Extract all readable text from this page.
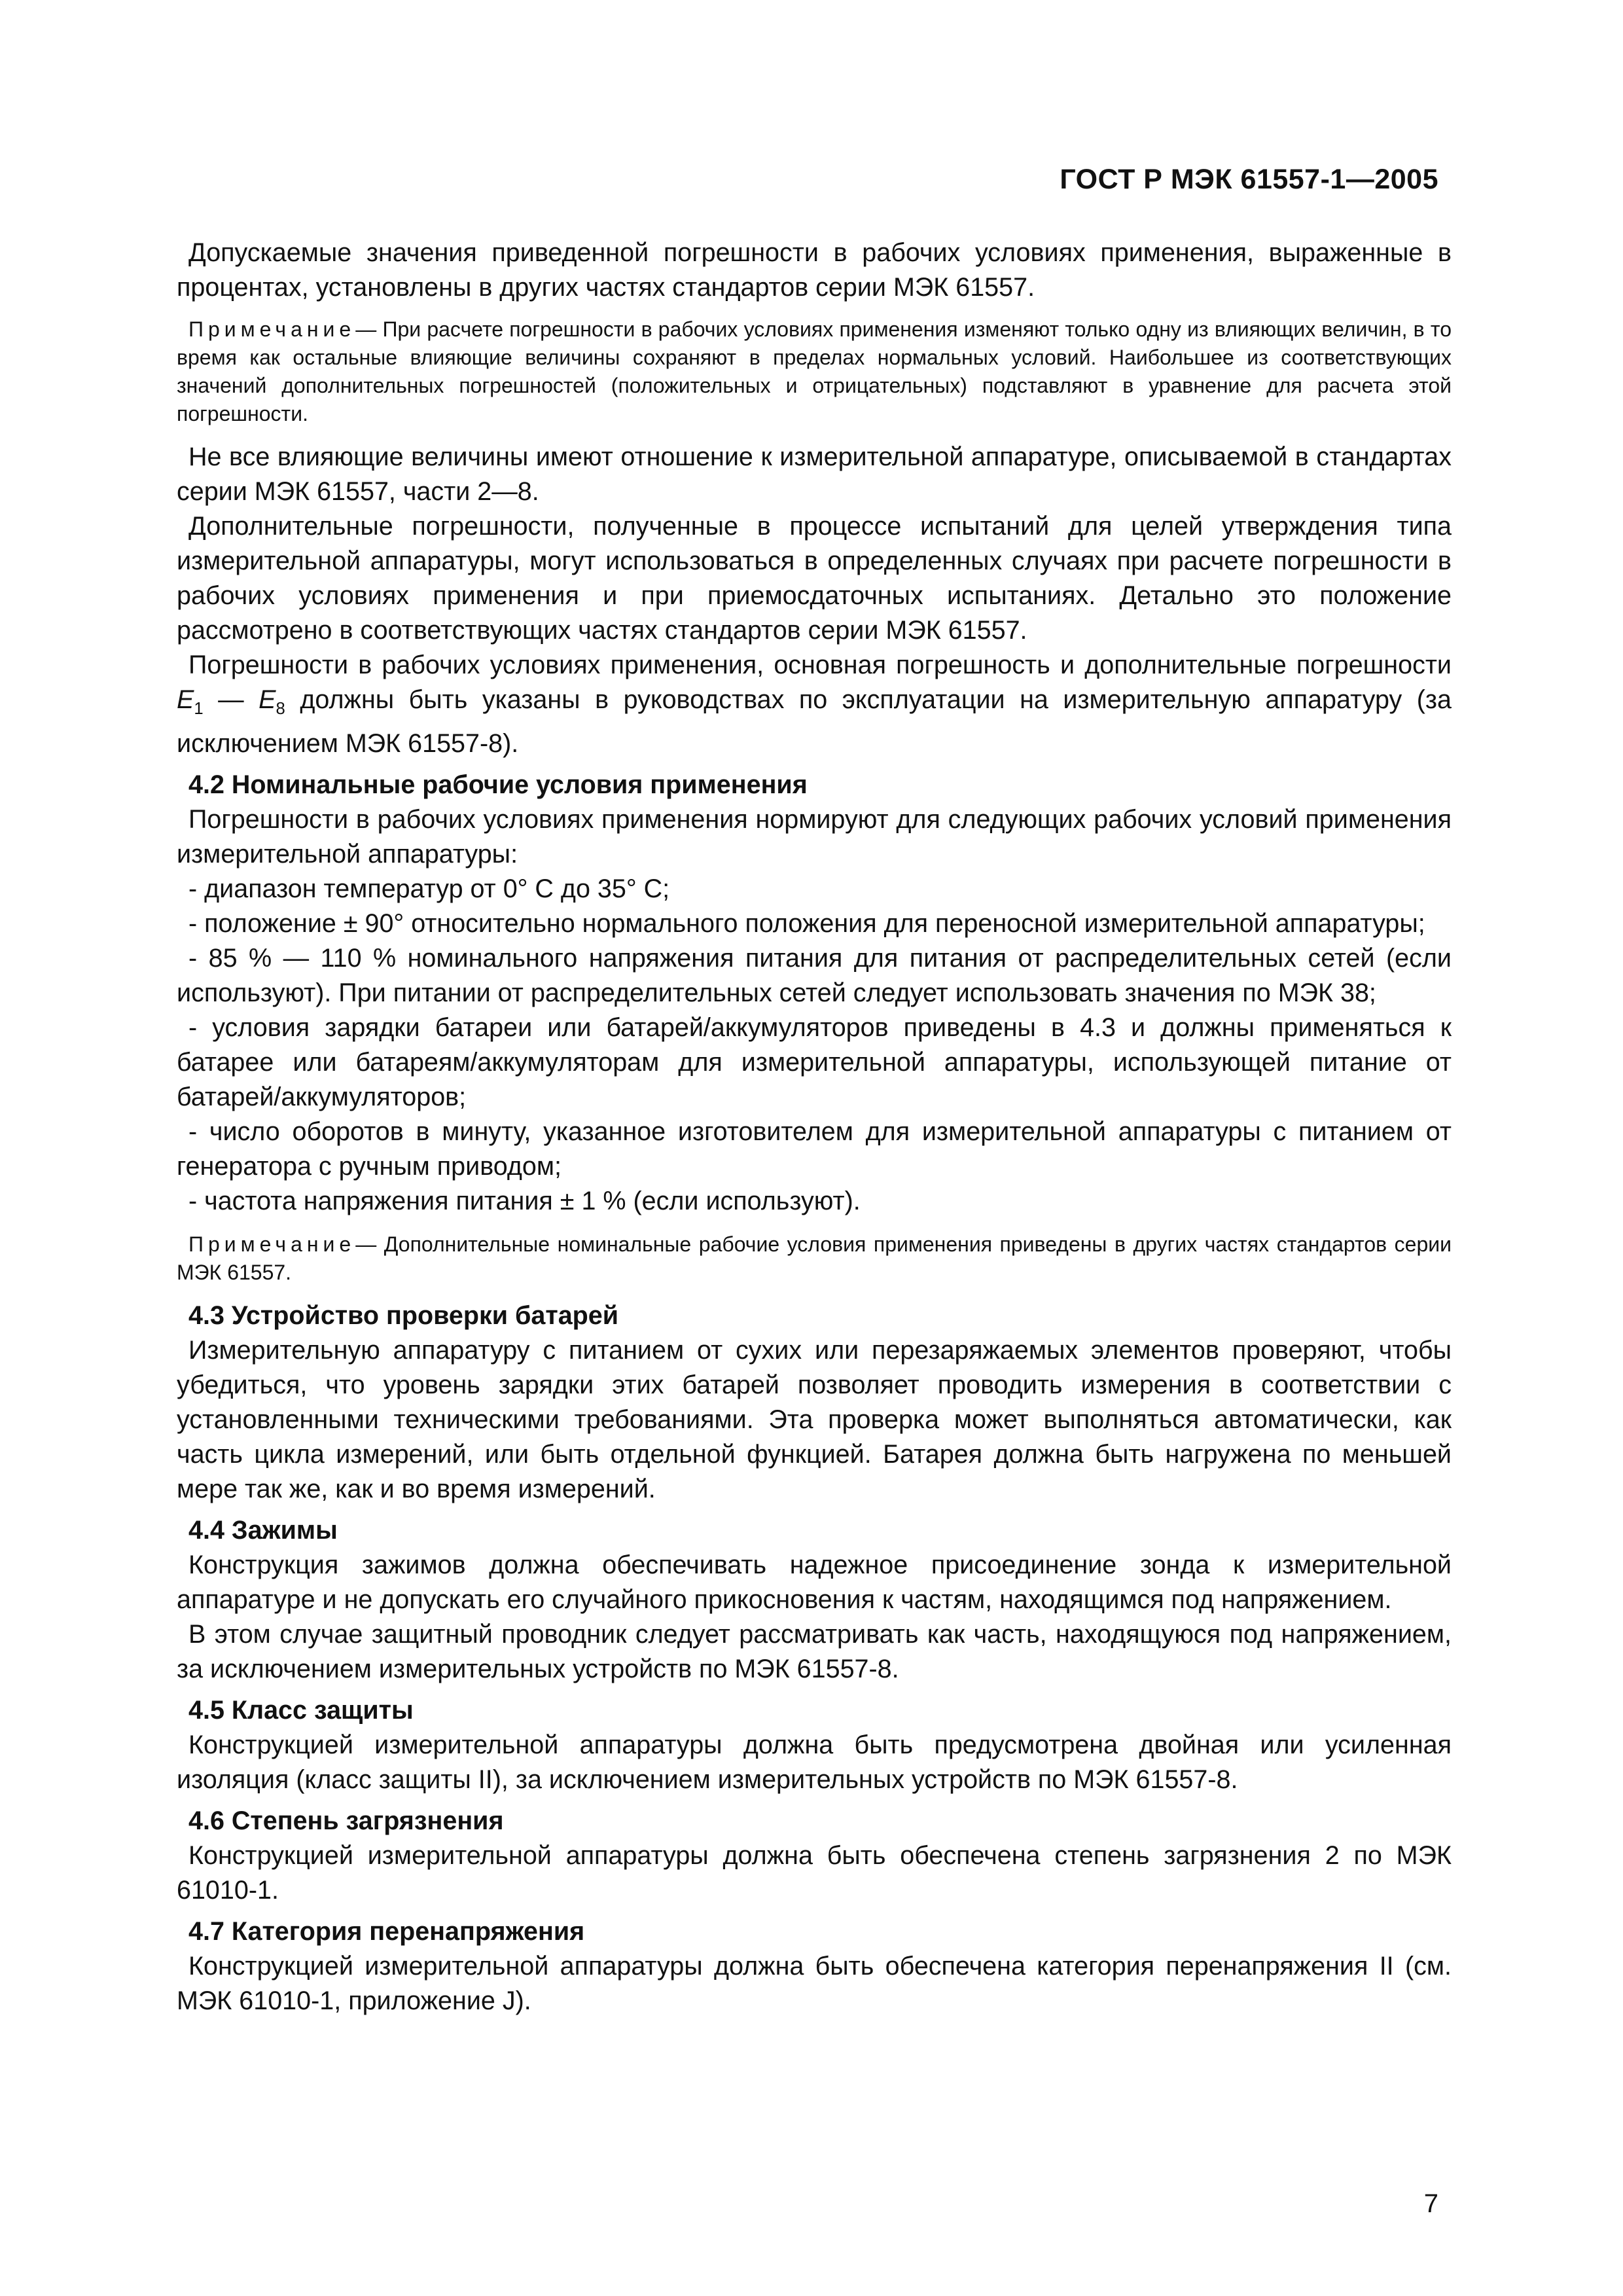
ГОСТ Р МЭК 61557-1—2005

Допускаемые значения приведенной погрешности в рабочих условиях применения, выраженные в процентах, установлены в других частях стандартов серии МЭК 61557.

Примечание— При расчете погрешности в рабочих условиях применения изменяют только одну из влияющих величин, в то время как остальные влияющие величины сохраняют в пределах нормальных условий. Наибольшее из соответствующих значений дополнительных погрешностей (положительных и отрицательных) подставляют в уравнение для расчета этой погрешности.

Не все влияющие величины имеют отношение к измерительной аппаратуре, описываемой в стандартах серии МЭК 61557, части 2—8.

Дополнительные погрешности, полученные в процессе испытаний для целей утверждения типа измерительной аппаратуры, могут использоваться в определенных случаях при расчете погрешности в рабочих условиях применения и при приемосдаточных испытаниях. Детально это положение рассмотрено в соответствующих частях стандартов серии МЭК 61557.

Погрешности в рабочих условиях применения, основная погрешность и дополнительные погрешности $E_1$ — $E_8$ должны быть указаны в руководствах по эксплуатации на измерительную аппаратуру (за исключением МЭК 61557-8).

4.2 Номинальные рабочие условия применения

Погрешности в рабочих условиях применения нормируют для следующих рабочих условий применения измерительной аппаратуры:

- диапазон температур от 0° С до 35° С;

- положение ± 90° относительно нормального положения для переносной измерительной аппаратуры;

- 85 % — 110 % номинального напряжения питания для питания от распределительных сетей (если используют). При питании от распределительных сетей следует использовать значения по МЭК 38;

- условия зарядки батареи или батарей/аккумуляторов приведены в 4.3 и должны применяться к батарее или батареям/аккумуляторам для измерительной аппаратуры, использующей питание от батарей/аккумуляторов;

- число оборотов в минуту, указанное изготовителем для измерительной аппаратуры с питанием от генератора с ручным приводом;

- частота напряжения питания ± 1 % (если используют).

Примечание— Дополнительные номинальные рабочие условия применения приведены в других частях стандартов серии МЭК 61557.

4.3 Устройство проверки батарей

Измерительную аппаратуру с питанием от сухих или перезаряжаемых элементов проверяют, чтобы убедиться, что уровень зарядки этих батарей позволяет проводить измерения в соответствии с установленными техническими требованиями. Эта проверка может выполняться автоматически, как часть цикла измерений, или быть отдельной функцией. Батарея должна быть нагружена по меньшей мере так же, как и во время измерений.

4.4 Зажимы

Конструкция зажимов должна обеспечивать надежное присоединение зонда к измерительной аппаратуре и не допускать его случайного прикосновения к частям, находящимся под напряжением.

В этом случае защитный проводник следует рассматривать как часть, находящуюся под напряжением, за исключением измерительных устройств по МЭК 61557-8.

4.5 Класс защиты

Конструкцией измерительной аппаратуры должна быть предусмотрена двойная или усиленная изоляция (класс защиты II), за исключением измерительных устройств по МЭК 61557-8.

4.6 Степень загрязнения

Конструкцией измерительной аппаратуры должна быть обеспечена степень загрязнения 2 по МЭК 61010-1.

4.7 Категория перенапряжения

Конструкцией измерительной аппаратуры должна быть обеспечена категория перенапряжения II (см. МЭК 61010-1, приложение J).

7
